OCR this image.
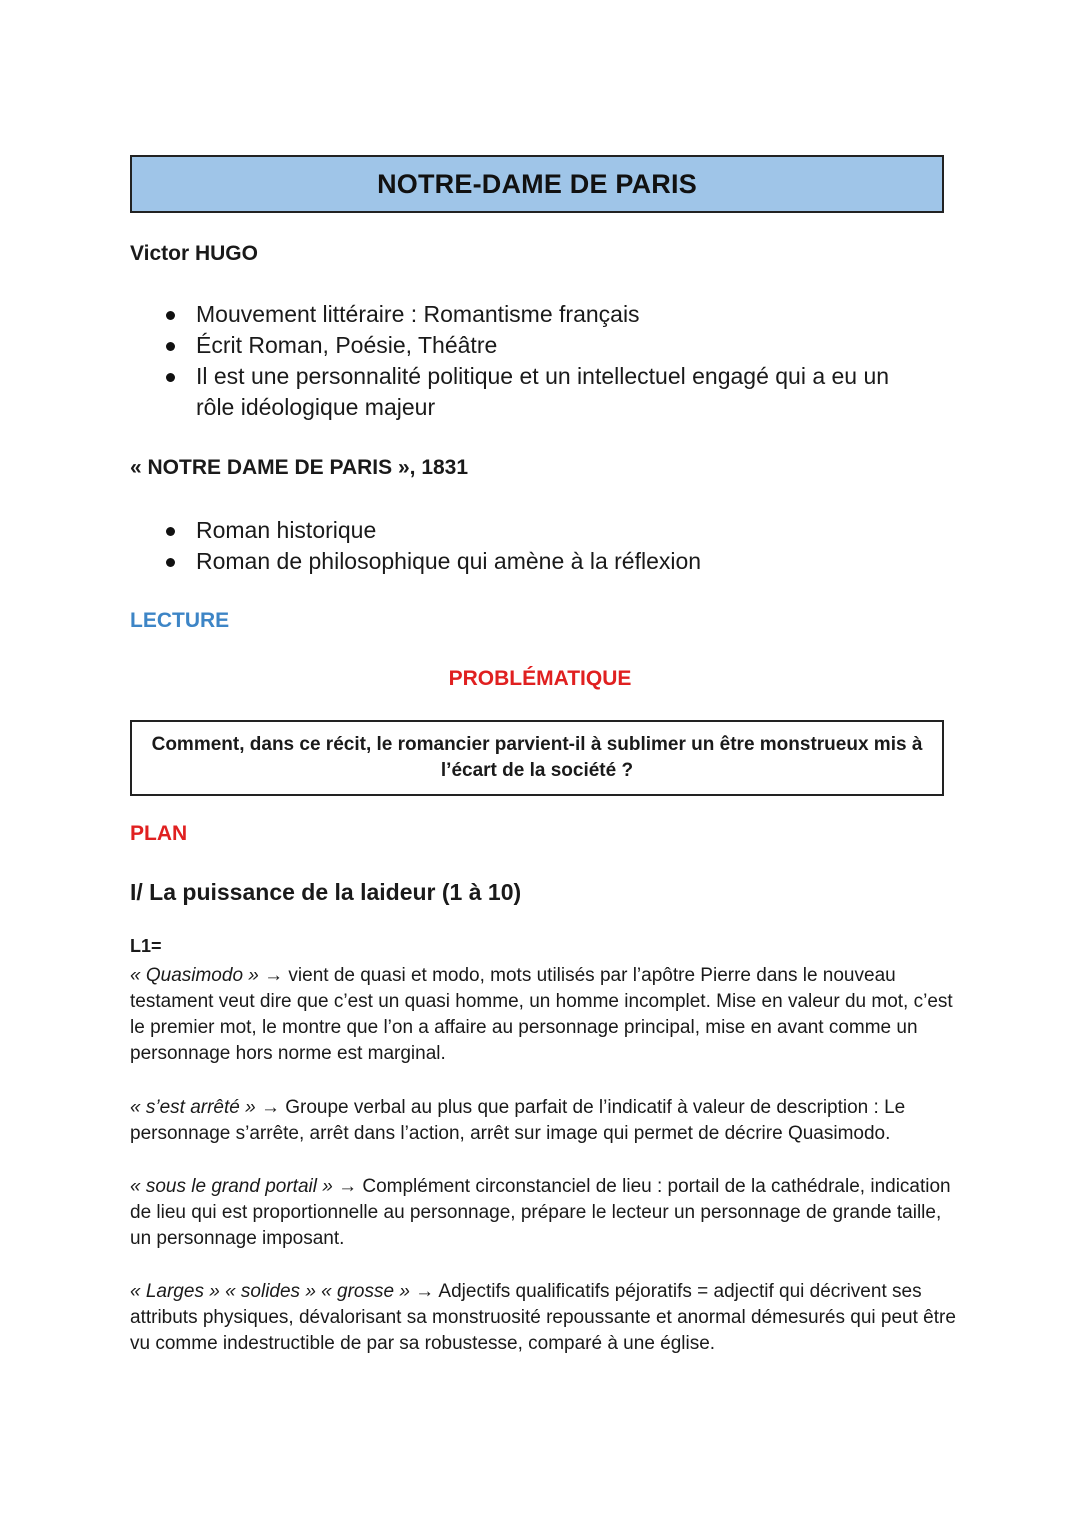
NOTRE-DAME DE PARIS
Victor HUGO
Mouvement littéraire : Romantisme français
Écrit Roman, Poésie, Théâtre
Il est une personnalité politique et un intellectuel engagé qui a eu un rôle idéologique majeur
« NOTRE DAME DE PARIS », 1831
Roman historique
Roman de philosophique qui amène à la réflexion
LECTURE
PROBLÉMATIQUE
Comment, dans ce récit, le romancier parvient-il à sublimer un être monstrueux mis à l’écart de la société ?
PLAN
I/ La puissance de la laideur (1 à 10)
L1=
« Quasimodo » → vient de quasi et modo, mots utilisés par l’apôtre Pierre dans le nouveau testament veut dire que c’est un quasi homme, un homme incomplet. Mise en valeur du mot, c’est le premier mot, le montre que l’on a affaire au personnage principal, mise en avant comme un personnage hors norme est marginal.
« s’est arrêté » → Groupe verbal au plus que parfait de l’indicatif à valeur de description : Le personnage s’arrête, arrêt dans l’action, arrêt sur image qui permet de décrire Quasimodo.
« sous le grand portail » → Complément circonstanciel de lieu : portail de la cathédrale, indication de lieu qui est proportionnelle au personnage, prépare le lecteur un personnage de grande taille, un personnage imposant.
« Larges » « solides » « grosse » → Adjectifs qualificatifs péjoratifs = adjectif qui décrivent ses attributs physiques, dévalorisant sa monstruosité repoussante et anormal démesurés qui peut être vu comme indestructible de par sa robustesse, comparé à une église.
